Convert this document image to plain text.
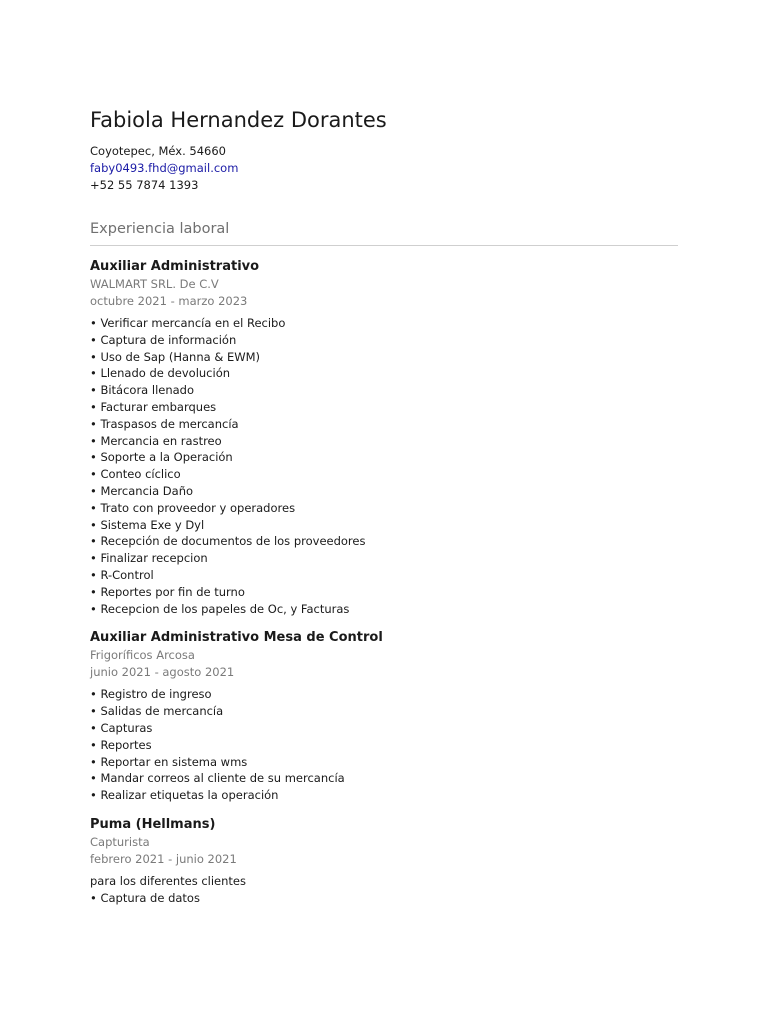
Fabiola Hernandez Dorantes
Coyotepec, Méx. 54660
faby0493.fhd@gmail.com
+52 55 7874 1393
Experiencia laboral
Auxiliar Administrativo
WALMART SRL. De C.V
octubre 2021 - marzo 2023
• Verificar mercancía en el Recibo
• Captura de información
• Uso de Sap (Hanna & EWM)
• Llenado de devolución
• Bitácora llenado
• Facturar embarques
• Traspasos de mercancía
• Mercancia en rastreo
• Soporte a la Operación
• Conteo cíclico
• Mercancia Daño
• Trato con proveedor y operadores
• Sistema Exe y Dyl
• Recepción de documentos de los proveedores
• Finalizar recepcion
• R-Control
• Reportes por fin de turno
• Recepcion de los papeles de Oc, y Facturas
Auxiliar Administrativo Mesa de Control
Frigoríficos Arcosa
junio 2021 - agosto 2021
• Registro de ingreso
• Salidas de mercancía
• Capturas
• Reportes
• Reportar en sistema wms
• Mandar correos al cliente de su mercancía
• Realizar etiquetas la operación
Puma (Hellmans)
Capturista
febrero 2021 - junio 2021
para los diferentes clientes
• Captura de datos
